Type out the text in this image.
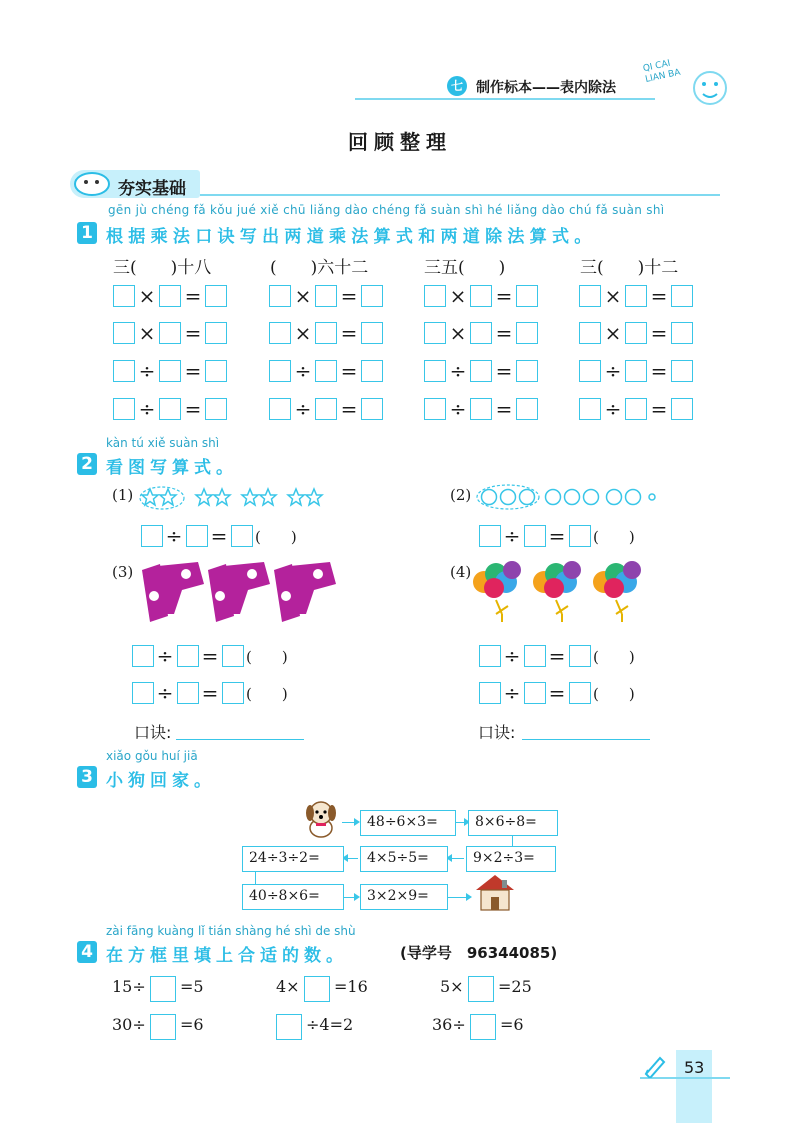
七 制作标本——表内除法
QI CAI LIAN BA
回顾整理
夯实基础
gēn jù chéng fǎ kǒu jué xiě chū liǎng dào chéng fǎ suàn shì hé liǎng dào chú fǎ suàn shì
1 根据乘法口诀写出两道乘法算式和两道除法算式。
三(　　)十八	(　　)六十二	三五(　　)	三(　　)十二
× =	× =	× =	× =
× =	× =	× =	× =
÷ =	÷ =	÷ =	÷ =
÷ =	÷ =	÷ =	÷ =
kàn tú xiě suàn shì
2 看图写算式。
(1)	(2)
÷ = (　　)	÷ = (　　)
÷ = (　　)
÷ = (　　)
÷ = (　　)
÷ = (　　)
(3)	(4)
口诀:	口诀:
xiǎo gǒu huí jiā
3 小狗回家。
48÷6×3=	8×6÷8=
9×2÷3=
4×5÷5=
24÷3÷2=
40÷8×6=	3×2×9=
zài fāng kuàng lǐ tián shàng hé shì de shù
4 在方框里填上合适的数。	(导学号　96344085)
15÷ =5	4× =16	5× =25
30÷ =6	÷4=2	36÷ =6
53
